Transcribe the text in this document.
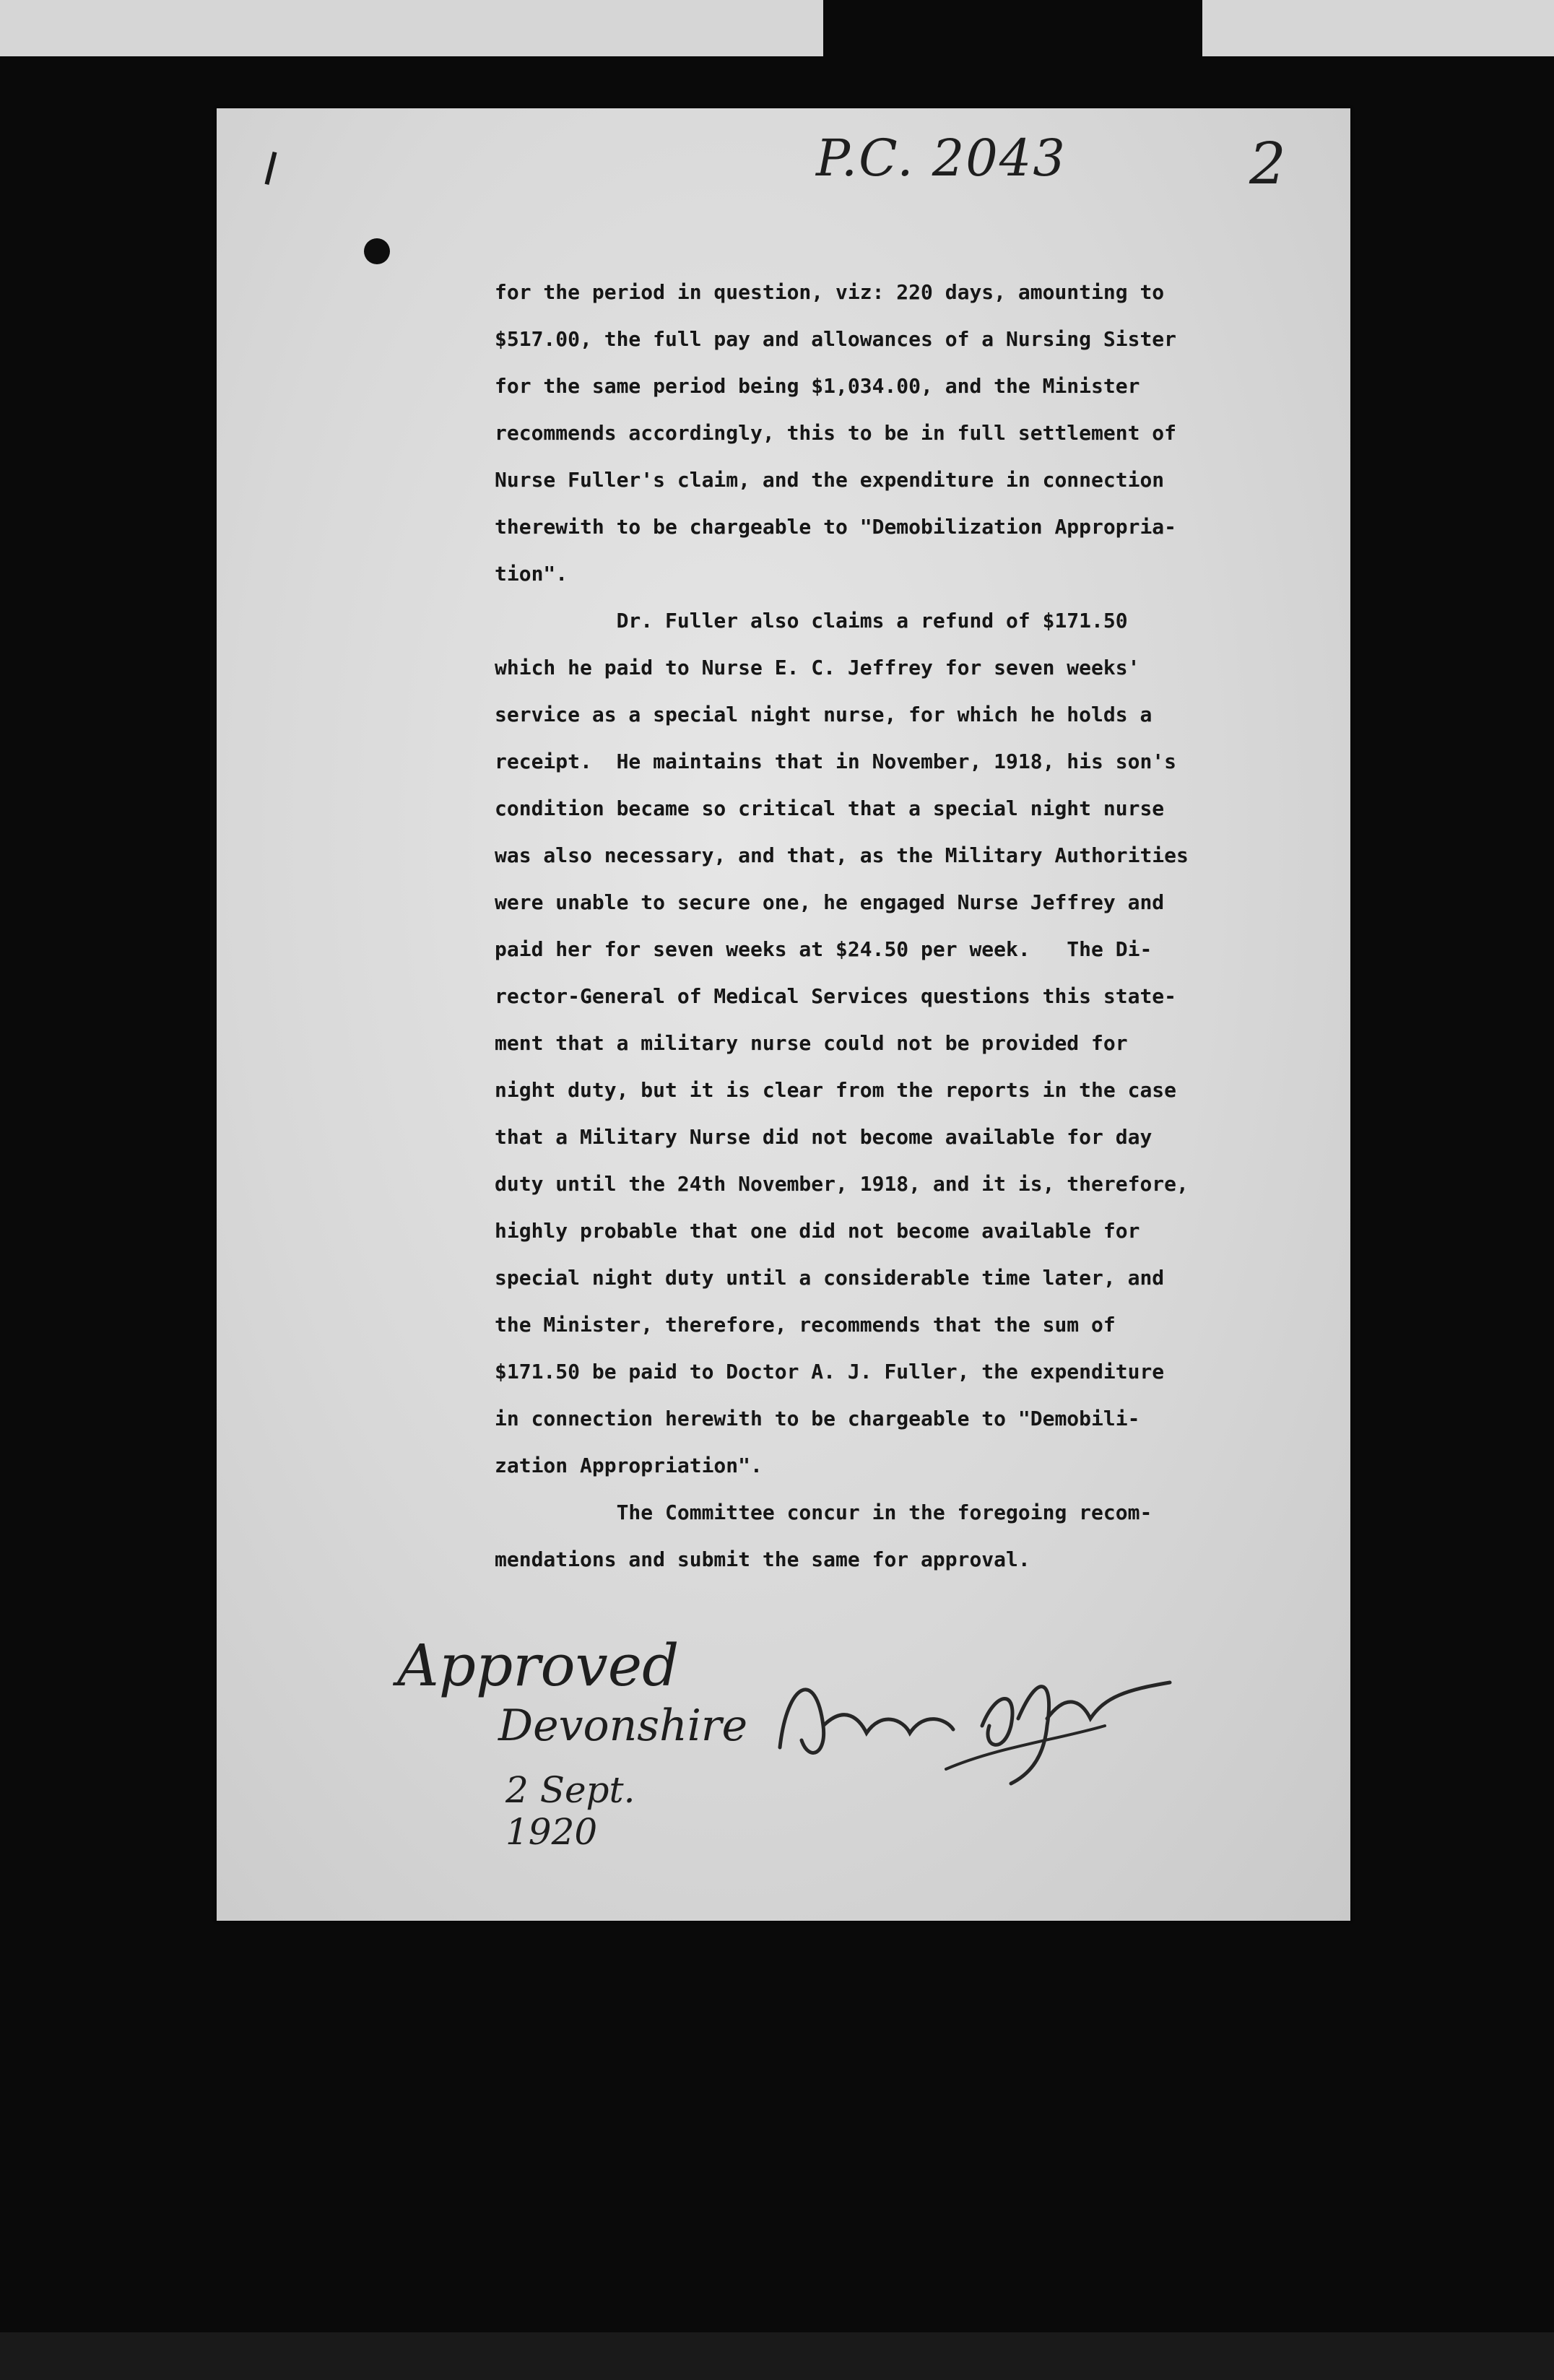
P.C. 2043	2
for the period in question, viz: 220 days, amounting to
$517.00, the full pay and allowances of a Nursing Sister
for the same period being $1,034.00, and the Minister
recommends accordingly, this to be in full settlement of
Nurse Fuller's claim, and the expenditure in connection
therewith to be chargeable to "Demobilization Appropria-
tion".
Dr. Fuller also claims a refund of $171.50
which he paid to Nurse E. C. Jeffrey for seven weeks'
service as a special night nurse, for which he holds a
receipt.  He maintains that in November, 1918, his son's
condition became so critical that a special night nurse
was also necessary, and that, as the Military Authorities
were unable to secure one, he engaged Nurse Jeffrey and
paid her for seven weeks at $24.50 per week.   The Di-
rector-General of Medical Services questions this state-
ment that a military nurse could not be provided for
night duty, but it is clear from the reports in the case
that a Military Nurse did not become available for day
duty until the 24th November, 1918, and it is, therefore,
highly probable that one did not become available for
special night duty until a considerable time later, and
the Minister, therefore, recommends that the sum of
$171.50 be paid to Doctor A. J. Fuller, the expenditure
in connection herewith to be chargeable to "Demobili-
zation Appropriation".
The Committee concur in the foregoing recom-
mendations and submit the same for approval.
Approved
Devonshire
2 Sept. 1920
